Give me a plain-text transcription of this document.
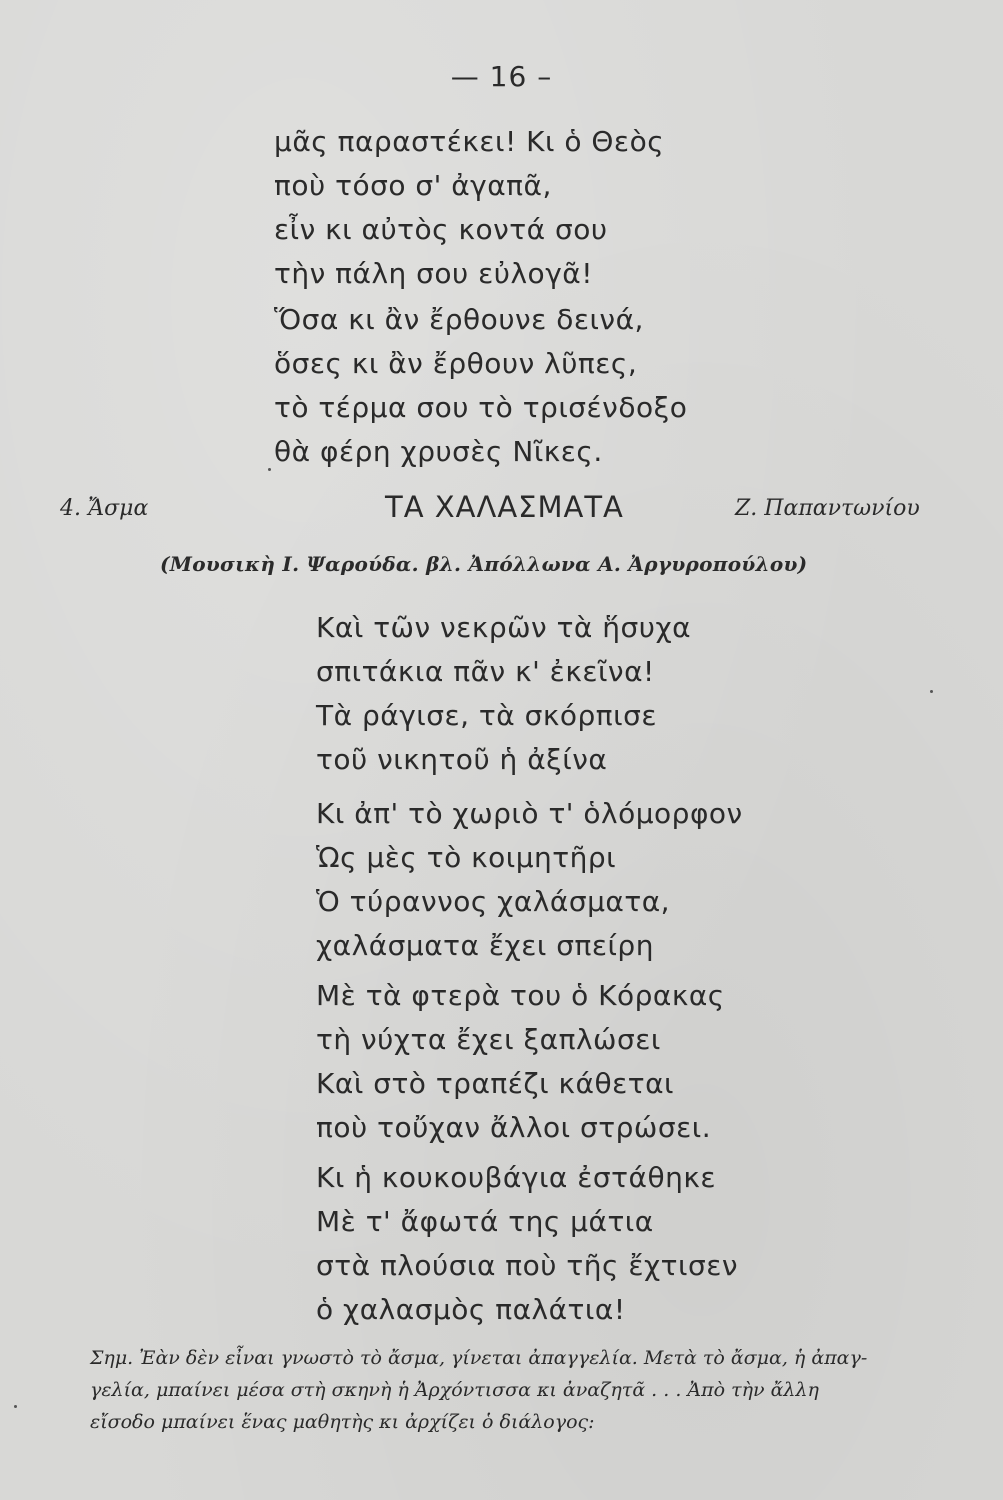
— 16 –
μᾶς παραστέκει! Κι ὁ Θεὸς
ποὺ τόσο σ' ἀγαπᾶ,
εἶν κι αὐτὸς κοντά σου
τὴν πάλη σου εὐλογᾶ!
Ὅσα κι ἂν ἔρθουνε δεινά,
ὅσες κι ἂν ἔρθουν λῦπες,
τὸ τέρμα σου τὸ τρισένδοξο
θὰ φέρη χρυσὲς Νῖκες.
4. Ἄσμα	ΤΑ ΧΑΛΑΣΜΑΤΑ	Ζ. Παπαντωνίου
(Μουσικὴ Ι. Ψαρούδα. βλ. Ἀπόλλωνα Α. Ἀργυροπούλου)
Καὶ τῶν νεκρῶν τὰ ἥσυχα
σπιτάκια πᾶν κ' ἐκεῖνα!
Τὰ ράγισε, τὰ σκόρπισε
τοῦ νικητοῦ ἡ ἀξίνα
Κι ἀπ' τὸ χωριὸ τ' ὁλόμορφον
Ὡς μὲς τὸ κοιμητῆρι
Ὁ τύραννος χαλάσματα,
χαλάσματα ἔχει σπείρη
Μὲ τὰ φτερὰ του ὁ Κόρακας
τὴ νύχτα ἔχει ξαπλώσει
Καὶ στὸ τραπέζι κάθεται
ποὺ τοὔχαν ἄλλοι στρώσει.
Κι ἡ κουκουβάγια ἐστάθηκε
Μὲ τ' ἄφωτά της μάτια
στὰ πλούσια ποὺ τῆς ἔχτισεν
ὁ χαλασμὸς παλάτια!
Σημ. Ἐὰν δὲν εἶναι γνωστὸ τὸ ἄσμα, γίνεται ἀπαγγελία. Μετὰ τὸ ἄσμα, ἡ ἀπαγ-
γελία, μπαίνει μέσα στὴ σκηνὴ ἡ Ἀρχόντισσα κι ἀναζητᾶ . . . Ἀπὸ τὴν ἄλλη
εἴσοδο μπαίνει ἕνας μαθητὴς κι ἀρχίζει ὁ διάλογος:
